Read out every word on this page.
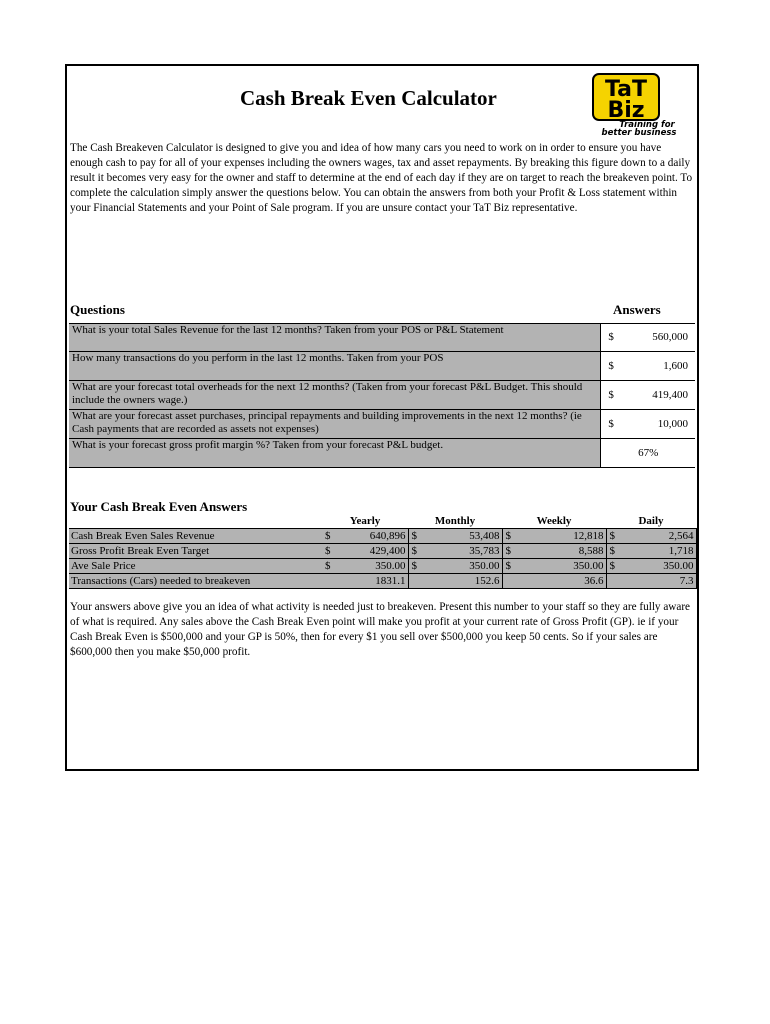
Cash Break Even Calculator	TaT
Biz
Training for
better business
The Cash Breakeven Calculator is designed to give you and idea of how many cars you need to work on in order to ensure you have enough cash to pay for all of your expenses including the owners wages, tax and asset repayments. By breaking this figure down to a daily result it becomes very easy for the owner and staff to determine at the end of each day if they are on target to reach the breakeven point. To complete the calculation simply answer the questions below. You can obtain the answers from both your Profit & Loss statement within your Financial Statements and your Point of Sale program. If you are unsure contact your TaT Biz representative.
Questions	Answers
What is your total Sales Revenue for the last 12 months? Taken from your POS or P&L Statement	$ 560,000

How many transactions do you perform in the last 12 months. Taken from your POS	$ 1,600

What are your forecast total overheads for the next 12 months? (Taken from your forecast P&L Budget. This should include the owners wage.)	$ 419,400

What are your forecast asset purchases, principal repayments and building improvements in the next 12 months? (ie Cash payments that are recorded as assets not expenses)	$ 10,000

What is your forecast gross profit margin %? Taken from your forecast P&L budget.	67%
Your Cash Break Even Answers
	Yearly		Monthly		Weekly		Daily	
Cash Break Even Sales Revenue	$	640,896	$	53,408	$	12,818	$	2,564
Gross Profit Break Even Target	$	429,400	$	35,783	$	8,588	$	1,718
Ave Sale Price	$	350.00	$	350.00	$	350.00	$	350.00
Transactions (Cars) needed to breakeven		1831.1		152.6		36.6		7.3
Your answers above give you an idea of what activity is needed just to breakeven. Present this number to your staff so they are fully aware of what is required. Any sales above the Cash Break Even point will make you profit at your current rate of Gross Profit (GP). ie if your Cash Break Even is $500,000 and your GP is 50%, then for every $1 you sell over $500,000 you keep 50 cents. So if your sales are $600,000 then you make $50,000 profit.
